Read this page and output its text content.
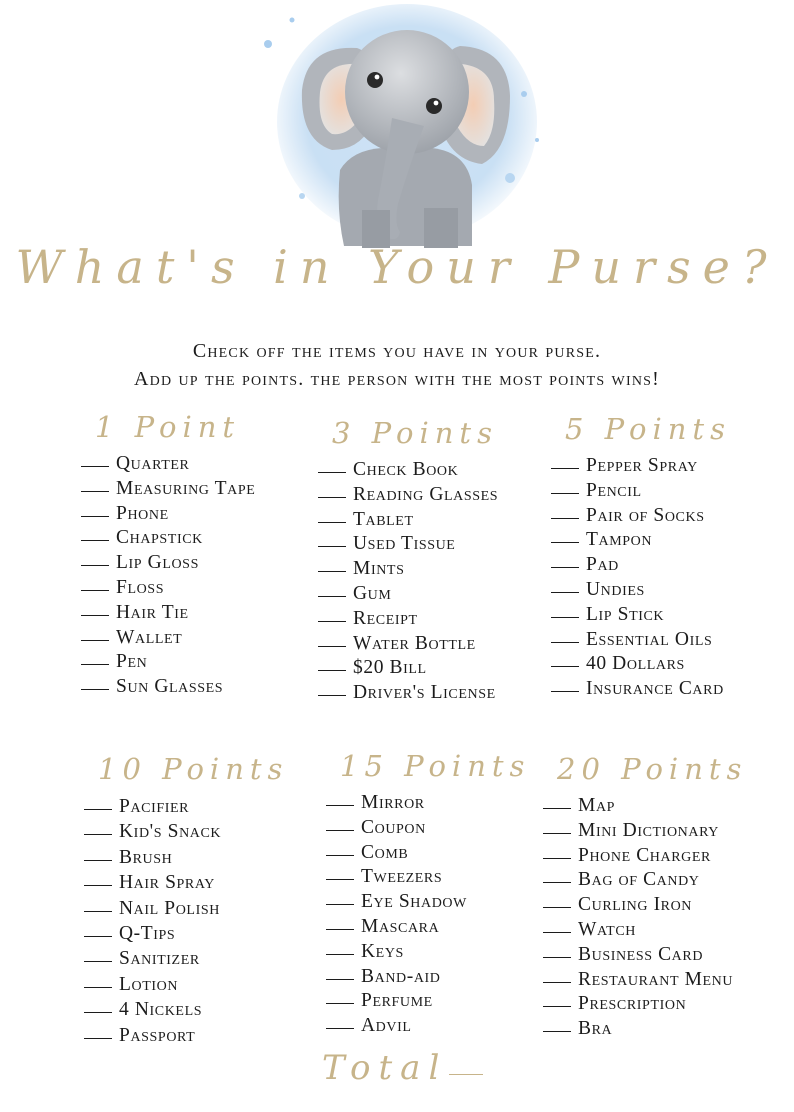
What's in Your Purse?
Check off the items you have in your purse.
Add up the points. the person with the most points wins!
1 Point
Quarter
Measuring Tape
Phone
Chapstick
Lip Gloss
Floss
Hair Tie
Wallet
Pen
Sun Glasses
3 Points
Check Book
Reading Glasses
Tablet
Used Tissue
Mints
Gum
Receipt
Water Bottle
$20 Bill
Driver's License
5 Points
Pepper Spray
Pencil
Pair of Socks
Tampon
Pad
Undies
Lip Stick
Essential Oils
40 Dollars
Insurance Card
10 Points
Pacifier
Kid's Snack
Brush
Hair Spray
Nail Polish
Q-Tips
Sanitizer
Lotion
4 Nickels
Passport
15 Points
Mirror
Coupon
Comb
Tweezers
Eye Shadow
Mascara
Keys
Band-aid
Perfume
Advil
20 Points
Map
Mini Dictionary
Phone Charger
Bag of Candy
Curling Iron
Watch
Business Card
Restaurant Menu
Prescription
Bra
Total
